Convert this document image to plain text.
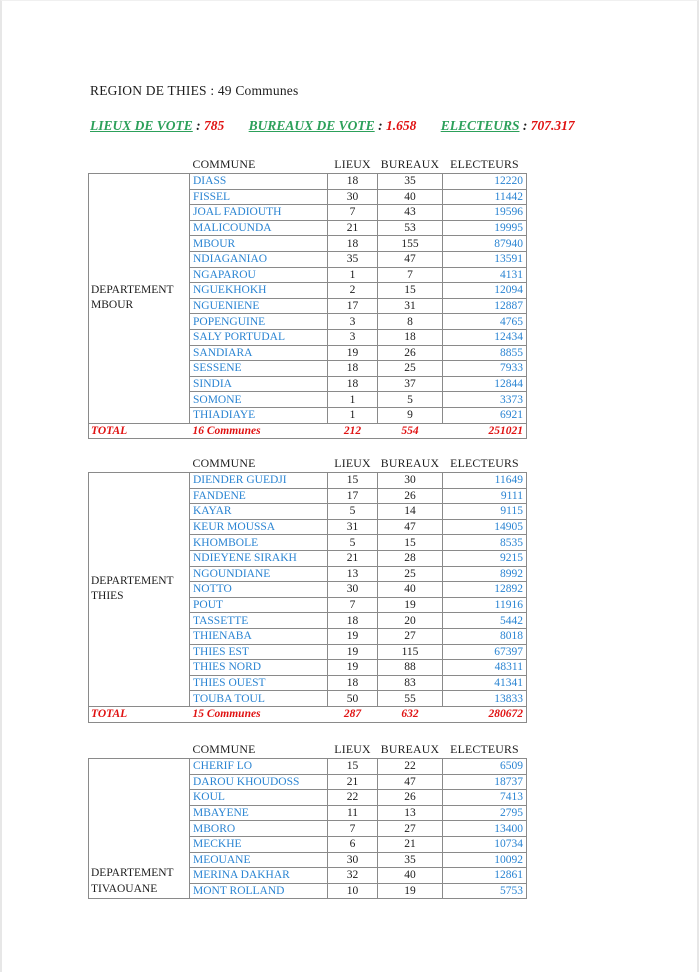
REGION DE THIES : 49 Communes
LIEUX DE VOTE : 785 BUREAUX DE VOTE : 1.658 ELECTEURS : 707.317
	COMMUNE	LIEUX	BUREAUX	ELECTEURS

DEPARTEMENT
MBOUR	DIASS	18	35	12220
	FISSEL	30	40	11442
	JOAL FADIOUTH	7	43	19596
	MALICOUNDA	21	53	19995
	MBOUR	18	155	87940
	NDIAGANIAO	35	47	13591
	NGAPAROU	1	7	4131
	NGUEKHOKH	2	15	12094
	NGUENIENE	17	31	12887
	POPENGUINE	3	8	4765
	SALY PORTUDAL	3	18	12434
	SANDIARA	19	26	8855
	SESSENE	18	25	7933
	SINDIA	18	37	12844
	SOMONE	1	5	3373
	THIADIAYE	1	9	6921
TOTAL	16 Communes	212	554	251021
	COMMUNE	LIEUX	BUREAUX	ELECTEURS

DEPARTEMENT
THIES	DIENDER GUEDJI	15	30	11649
	FANDENE	17	26	9111
	KAYAR	5	14	9115
	KEUR MOUSSA	31	47	14905
	KHOMBOLE	5	15	8535
	NDIEYENE SIRAKH	21	28	9215
	NGOUNDIANE	13	25	8992
	NOTTO	30	40	12892
	POUT	7	19	11916
	TASSETTE	18	20	5442
	THIENABA	19	27	8018
	THIES EST	19	115	67397
	THIES NORD	19	88	48311
	THIES OUEST	18	83	41341
	TOUBA TOUL	50	55	13833
TOTAL	15 Communes	287	632	280672
	COMMUNE	LIEUX	BUREAUX	ELECTEURS

DEPARTEMENT
TIVAOUANE	CHERIF LO	15	22	6509
	DAROU KHOUDOSS	21	47	18737
	KOUL	22	26	7413
	MBAYENE	11	13	2795
	MBORO	7	27	13400
	MECKHE	6	21	10734
	MEOUANE	30	35	10092
	MERINA DAKHAR	32	40	12861
	MONT ROLLAND	10	19	5753
